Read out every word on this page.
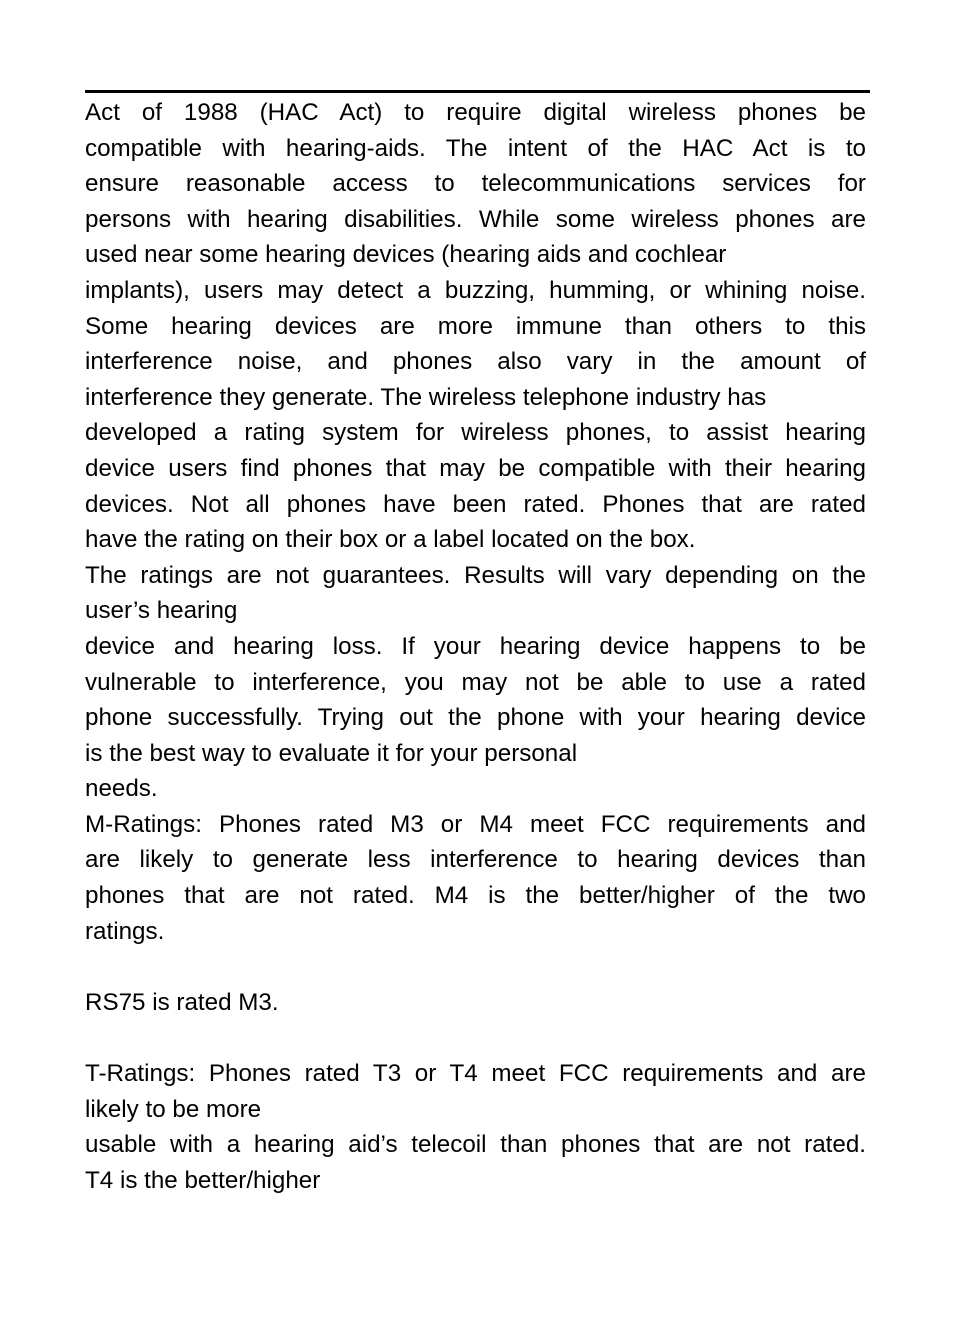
Act of 1988 (HAC Act) to require digital wireless phones be
compatible with hearing-aids. The intent of the HAC Act is to
ensure reasonable access to telecommunications services for
persons with hearing disabilities. While some wireless phones are
used near some hearing devices (hearing aids and cochlear
implants), users may detect a buzzing, humming, or whining noise.
Some hearing devices are more immune than others to this
interference noise, and phones also vary in the amount of
interference they generate. The wireless telephone industry has
developed a rating system for wireless phones, to assist hearing
device users find phones that may be compatible with their hearing
devices. Not all phones have been rated. Phones that are rated
have the rating on their box or a label located on the box.
The ratings are not guarantees. Results will vary depending on the
user’s hearing
device and hearing loss. If your hearing device happens to be
vulnerable to interference, you may not be able to use a rated
phone successfully. Trying out the phone with your hearing device
is the best way to evaluate it for your personal
needs.
M-Ratings: Phones rated M3 or M4 meet FCC requirements and
are likely to generate less interference to hearing devices than
phones that are not rated. M4 is the better/higher of the two
ratings.
RS75 is rated M3.
T-Ratings: Phones rated T3 or T4 meet FCC requirements and are
likely to be more
usable with a hearing aid’s telecoil than phones that are not rated.
T4 is the better/higher
